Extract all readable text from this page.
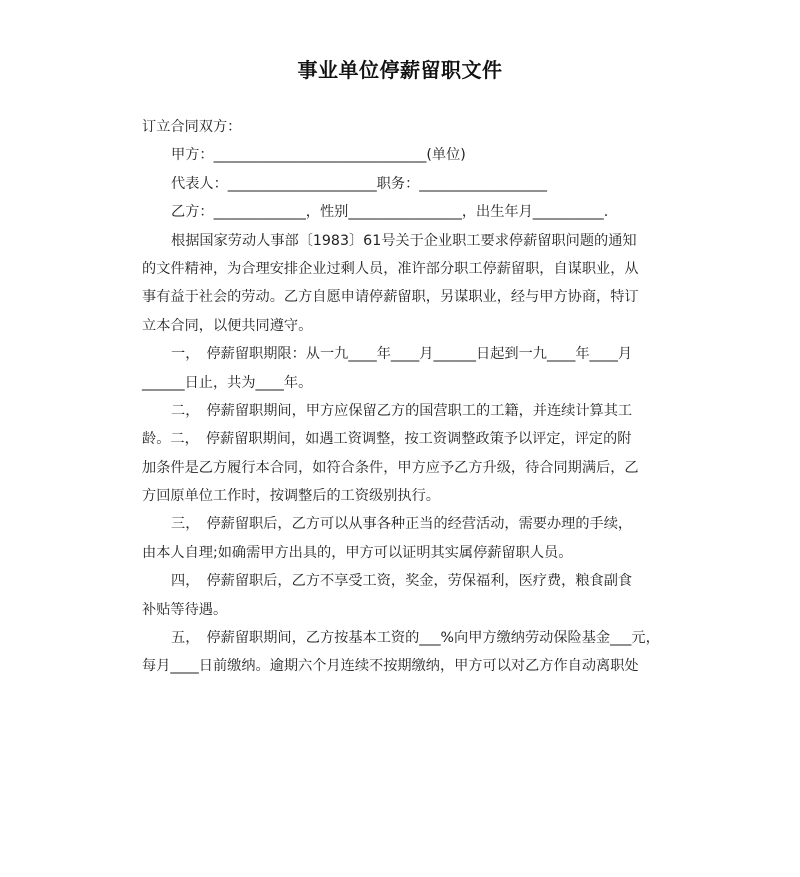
事业单位停薪留职文件
订立合同双方：
甲方：______________________________(单位)
代表人：_____________________职务：__________________
乙方：_____________，性别________________，出生年月__________.
根据国家劳动人事部〔1983〕61号关于企业职工要求停薪留职问题的通知
的文件精神，为合理安排企业过剩人员，准许部分职工停薪留职，自谋职业，从
事有益于社会的劳动。乙方自愿申请停薪留职，另谋职业，经与甲方协商，特订
立本合同，以便共同遵守。
一，　停薪留职期限：从一九____年____月______日起到一九____年____月
______日止，共为____年。
二，　停薪留职期间，甲方应保留乙方的国营职工的工籍，并连续计算其工
龄。二，　停薪留职期间，如遇工资调整，按工资调整政策予以评定，评定的附
加条件是乙方履行本合同，如符合条件，甲方应予乙方升级，待合同期满后，乙
方回原单位工作时，按调整后的工资级别执行。
三，　停薪留职后，乙方可以从事各种正当的经营活动，需要办理的手续，
由本人自理;如确需甲方出具的，甲方可以证明其实属停薪留职人员。
四，　停薪留职后，乙方不享受工资，奖金，劳保福利，医疗费，粮食副食
补贴等待遇。
五，　停薪留职期间，乙方按基本工资的___%向甲方缴纳劳动保险基金___元，
每月____日前缴纳。逾期六个月连续不按期缴纳，甲方可以对乙方作自动离职处
